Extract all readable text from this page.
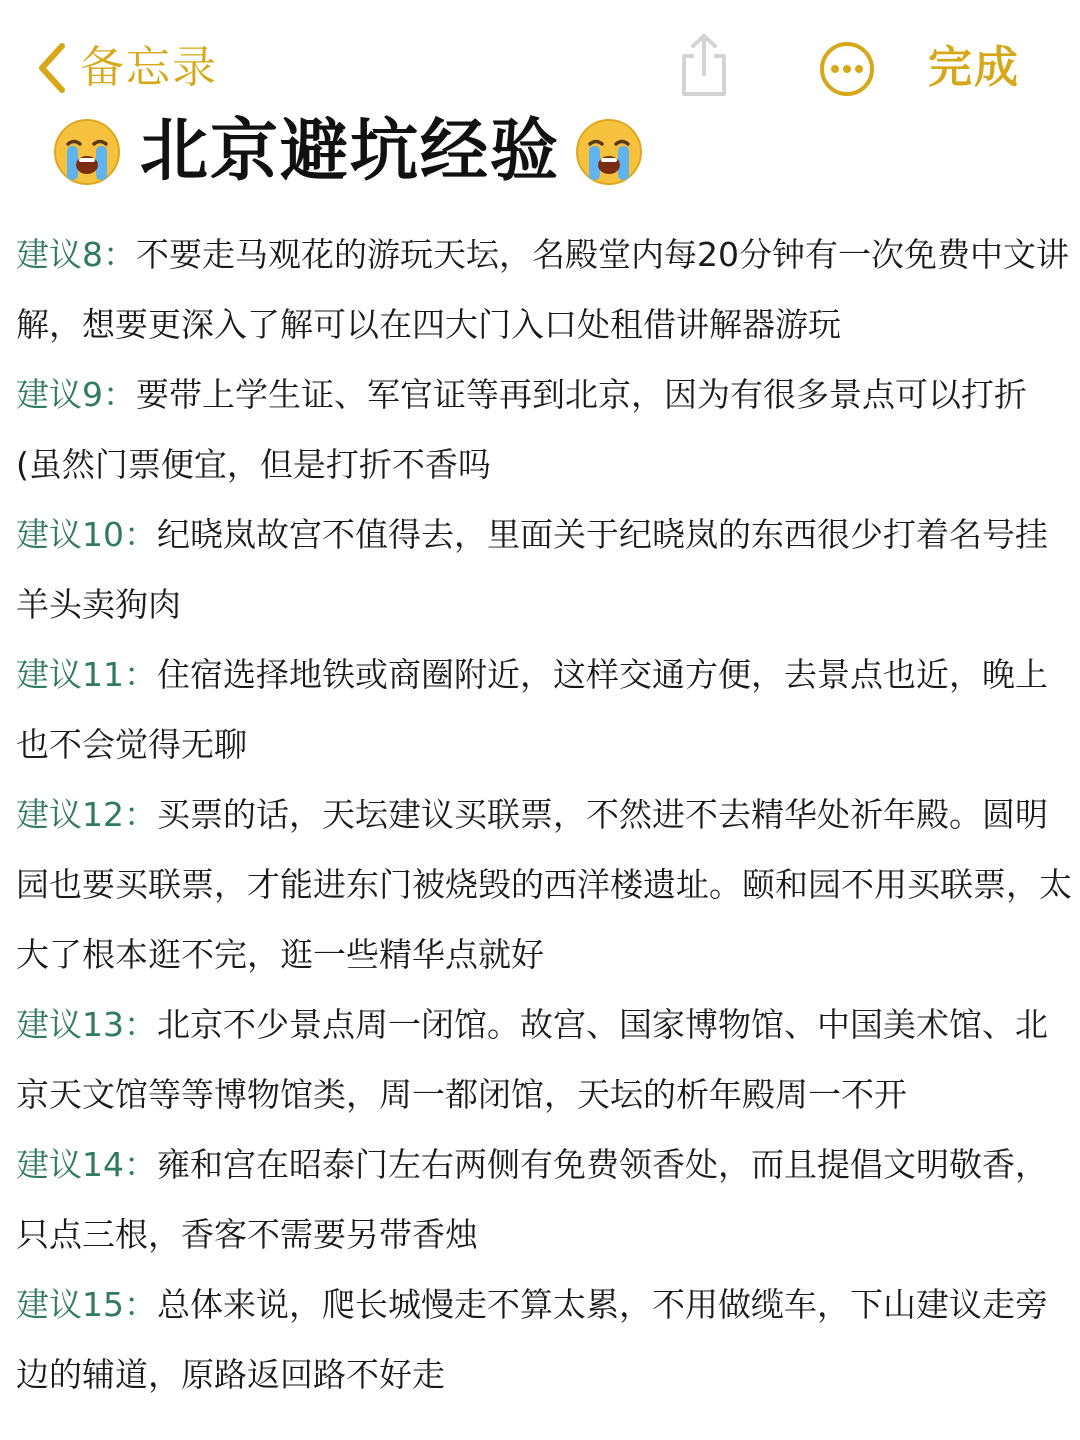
备忘录	完成
北京避坑经验
建议8：不要走马观花的游玩天坛，名殿堂内每20分钟有一次免费中文讲解，想要更深入了解可以在四大门入口处租借讲解器游玩
建议9：要带上学生证、军官证等再到北京，因为有很多景点可以打折(虽然门票便宜，但是打折不香吗
建议10：纪晓岚故宫不值得去，里面关于纪晓岚的东西很少打着名号挂羊头卖狗肉
建议11：住宿选择地铁或商圈附近，这样交通方便，去景点也近，晚上也不会觉得无聊
建议12：买票的话，天坛建议买联票，不然进不去精华处祈年殿。圆明园也要买联票，才能进东门被烧毁的西洋楼遗址。颐和园不用买联票，太大了根本逛不完，逛一些精华点就好
建议13：北京不少景点周一闭馆。故宫、国家博物馆、中国美术馆、北京天文馆等等博物馆类，周一都闭馆，天坛的析年殿周一不开
建议14：雍和宫在昭泰门左右两侧有免费领香处，而且提倡文明敬香，只点三根，香客不需要另带香烛
建议15：总体来说，爬长城慢走不算太累，不用做缆车，下山建议走旁边的辅道，原路返回路不好走
